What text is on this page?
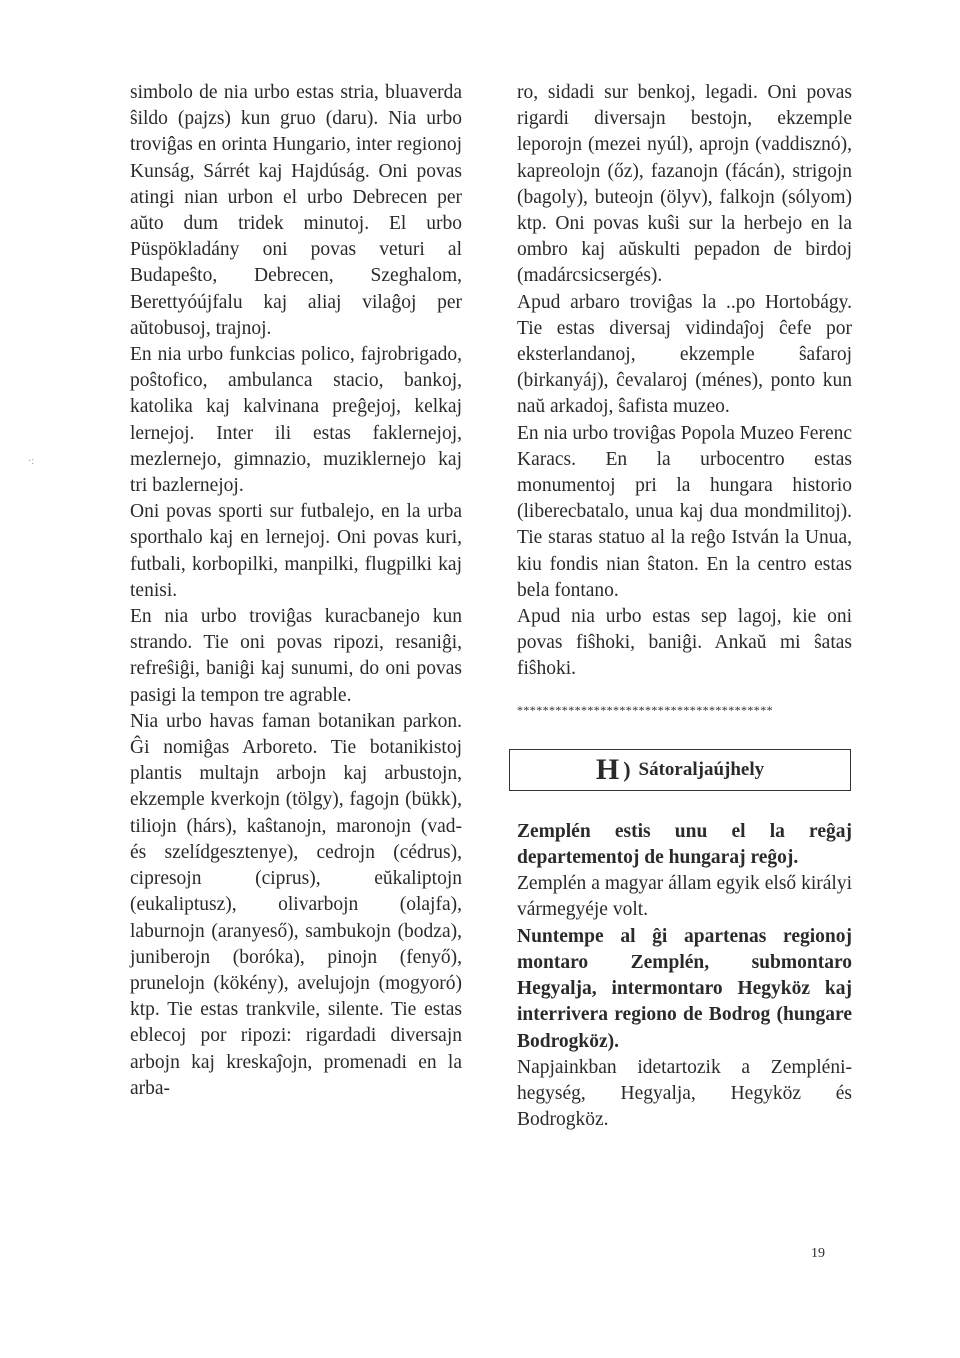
simbolo de nia urbo estas stria, bluaverda ŝildo (pajzs) kun gruo (daru). Nia urbo troviĝas en orinta Hungario, inter regionoj Kunság, Sárrét kaj Hajdúság. Oni povas atingi nian urbon el urbo Debrecen per aŭto dum tridek minutoj. El urbo Püspökladány oni povas veturi al Budapeŝto, Debrecen, Szeghalom, Berettyóújfalu kaj aliaj vilaĝoj per aŭtobusoj, trajnoj.

En nia urbo funkcias polico, fajrobrigado, poŝtofico, ambulanca stacio, bankoj, katolika kaj kalvinana preĝejoj, kelkaj lernejoj. Inter ili estas faklernejoj, mezlernejo, gimnazio, muziklernejo kaj tri bazlernejoj.

Oni povas sporti sur futbalejo, en la urba sporthalo kaj en lernejoj. Oni povas kuri, futbali, korbopilki, manpilki, flugpilki kaj tenisi.

En nia urbo troviĝas kuracbanejo kun strando. Tie oni povas ripozi, resaniĝi, refreŝiĝi, baniĝi kaj sunumi, do oni povas pasigi la tempon tre agrable.

Nia urbo havas faman botanikan parkon. Ĝi nomiĝas Arboreto. Tie botanikistoj plantis multajn arbojn kaj arbustojn, ekzemple kverkojn (tölgy), fagojn (bükk), tiliojn (hárs), kaŝtanojn, maronojn (vad- és szelídgesztenye), cedrojn (cédrus), cipresojn (ciprus), eŭkaliptojn (eukaliptusz), olivarbojn (olajfa), laburnojn (aranyeső), sambukojn (bodza), juniberojn (boróka), pinojn (fenyő), prunelojn (kökény), avelujojn (mogyoró) ktp. Tie estas trankvile, silente. Tie estas eblecoj por ripozi: rigardadi diversajn arbojn kaj kreskaĵojn, promenadi en la arba-

ro, sidadi sur benkoj, legadi. Oni povas rigardi diversajn bestojn, ekzemple leporojn (mezei nyúl), aprojn (vaddisznó), kapreolojn (őz), fazanojn (fácán), strigojn (bagoly), buteojn (ölyv), falkojn (sólyom) ktp. Oni povas kuŝi sur la herbejo en la ombro kaj aŭskulti pepadon de birdoj (madárcsicsergés).

Apud arbaro troviĝas la ..po Hortobágy. Tie estas diversaj vidindaĵoj ĉefe por eksterlandanoj, ekzemple ŝafaroj (birkanyáj), ĉevalaroj (ménes), ponto kun naŭ arkadoj, ŝafista muzeo.

En nia urbo troviĝas Popola Muzeo Ferenc Karacs. En la urbocentro estas monumentoj pri la hungara historio (liberecbatalo, unua kaj dua mondmilitoj). Tie staras statuo al la reĝo István la Unua, kiu fondis nian ŝtaton. En la centro estas bela fontano.

Apud nia urbo estas sep lagoj, kie oni povas fiŝhoki, baniĝi. Ankaŭ mi ŝatas fiŝhoki.

****************************************
H ) Sátoraljaújhely

Zemplén estis unu el la reĝaj departementoj de hungaraj reĝoj.

Zemplén a magyar állam egyik első királyi vármegyéje volt.

Nuntempe al ĝi apartenas regionoj montaro Zemplén, submontaro Hegyalja, intermontaro Hegyköz kaj interrivera regiono de Bodrog (hungare Bodrogköz).

Napjainkban idetartozik a Zempléni-hegység, Hegyalja, Hegyköz és Bodrogköz.

19
·:
